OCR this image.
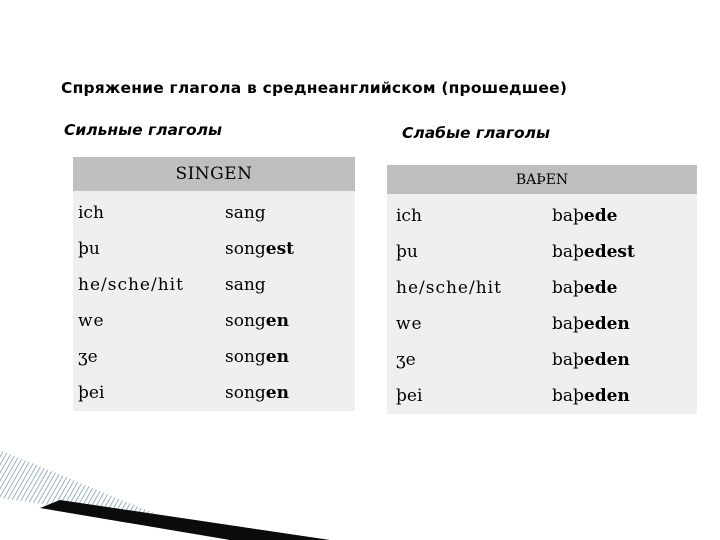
Спряжение глагола в среднеанглийском (прошедшее)
Сильные глаголы	Слабые глаголы
SINGEN	
ich	sang
þu	songest
he/sche/hit	sang
we	songen
ʒe	songen
þei	songen
BAÞEN	
ich	baþede
þu	baþedest
he/sche/hit	baþede
we	baþeden
ʒe	baþeden
þei	baþeden
